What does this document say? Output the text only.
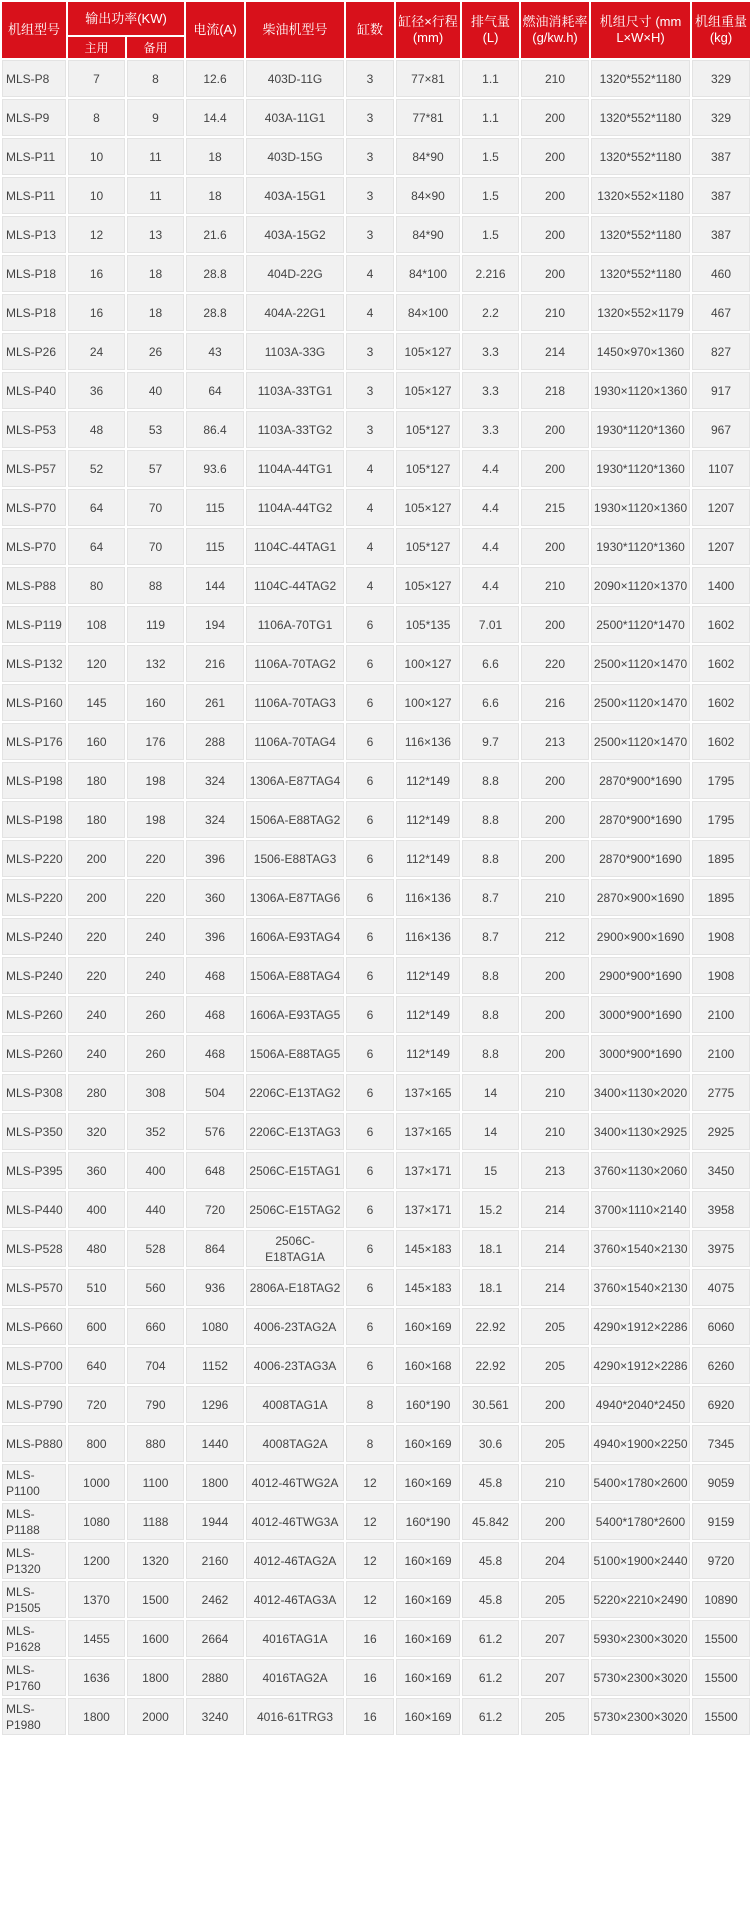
机组型号	输出功率(KW)		电流(A)	柴油机型号	缸数	缸径×行程 (mm)	排气量 (L)	燃油消耗率 (g/kw.h)	机组尺寸 (mm L×W×H)	机组重量 (kg)
	主用	备用								
MLS-P8	7	8	12.6	403D-11G	3	77×81	1.1	210	1320*552*1180	329
MLS-P9	8	9	14.4	403A-11G1	3	77*81	1.1	200	1320*552*1180	329
MLS-P11	10	11	18	403D-15G	3	84*90	1.5	200	1320*552*1180	387
MLS-P11	10	11	18	403A-15G1	3	84×90	1.5	200	1320×552×1180	387
MLS-P13	12	13	21.6	403A-15G2	3	84*90	1.5	200	1320*552*1180	387
MLS-P18	16	18	28.8	404D-22G	4	84*100	2.216	200	1320*552*1180	460
MLS-P18	16	18	28.8	404A-22G1	4	84×100	2.2	210	1320×552×1179	467
MLS-P26	24	26	43	1103A-33G	3	105×127	3.3	214	1450×970×1360	827
MLS-P40	36	40	64	1103A-33TG1	3	105×127	3.3	218	1930×1120×1360	917
MLS-P53	48	53	86.4	1103A-33TG2	3	105*127	3.3	200	1930*1120*1360	967
MLS-P57	52	57	93.6	1104A-44TG1	4	105*127	4.4	200	1930*1120*1360	1107
MLS-P70	64	70	115	1104A-44TG2	4	105×127	4.4	215	1930×1120×1360	1207
MLS-P70	64	70	115	1104C-44TAG1	4	105*127	4.4	200	1930*1120*1360	1207
MLS-P88	80	88	144	1104C-44TAG2	4	105×127	4.4	210	2090×1120×1370	1400
MLS-P119	108	119	194	1106A-70TG1	6	105*135	7.01	200	2500*1120*1470	1602
MLS-P132	120	132	216	1106A-70TAG2	6	100×127	6.6	220	2500×1120×1470	1602
MLS-P160	145	160	261	1106A-70TAG3	6	100×127	6.6	216	2500×1120×1470	1602
MLS-P176	160	176	288	1106A-70TAG4	6	116×136	9.7	213	2500×1120×1470	1602
MLS-P198	180	198	324	1306A-E87TAG4	6	112*149	8.8	200	2870*900*1690	1795
MLS-P198	180	198	324	1506A-E88TAG2	6	112*149	8.8	200	2870*900*1690	1795
MLS-P220	200	220	396	1506-E88TAG3	6	112*149	8.8	200	2870*900*1690	1895
MLS-P220	200	220	360	1306A-E87TAG6	6	116×136	8.7	210	2870×900×1690	1895
MLS-P240	220	240	396	1606A-E93TAG4	6	116×136	8.7	212	2900×900×1690	1908
MLS-P240	220	240	468	1506A-E88TAG4	6	112*149	8.8	200	2900*900*1690	1908
MLS-P260	240	260	468	1606A-E93TAG5	6	112*149	8.8	200	3000*900*1690	2100
MLS-P260	240	260	468	1506A-E88TAG5	6	112*149	8.8	200	3000*900*1690	2100
MLS-P308	280	308	504	2206C-E13TAG2	6	137×165	14	210	3400×1130×2020	2775
MLS-P350	320	352	576	2206C-E13TAG3	6	137×165	14	210	3400×1130×2925	2925
MLS-P395	360	400	648	2506C-E15TAG1	6	137×171	15	213	3760×1130×2060	3450
MLS-P440	400	440	720	2506C-E15TAG2	6	137×171	15.2	214	3700×1110×2140	3958
MLS-P528	480	528	864	2506C-E18TAG1A	6	145×183	18.1	214	3760×1540×2130	3975
MLS-P570	510	560	936	2806A-E18TAG2	6	145×183	18.1	214	3760×1540×2130	4075
MLS-P660	600	660	1080	4006-23TAG2A	6	160×169	22.92	205	4290×1912×2286	6060
MLS-P700	640	704	1152	4006-23TAG3A	6	160×168	22.92	205	4290×1912×2286	6260
MLS-P790	720	790	1296	4008TAG1A	8	160*190	30.561	200	4940*2040*2450	6920
MLS-P880	800	880	1440	4008TAG2A	8	160×169	30.6	205	4940×1900×2250	7345
MLS-P1100	1000	1100	1800	4012-46TWG2A	12	160×169	45.8	210	5400×1780×2600	9059
MLS-P1188	1080	1188	1944	4012-46TWG3A	12	160*190	45.842	200	5400*1780*2600	9159
MLS-P1320	1200	1320	2160	4012-46TAG2A	12	160×169	45.8	204	5100×1900×2440	9720
MLS-P1505	1370	1500	2462	4012-46TAG3A	12	160×169	45.8	205	5220×2210×2490	10890
MLS-P1628	1455	1600	2664	4016TAG1A	16	160×169	61.2	207	5930×2300×3020	15500
MLS-P1760	1636	1800	2880	4016TAG2A	16	160×169	61.2	207	5730×2300×3020	15500
MLS-P1980	1800	2000	3240	4016-61TRG3	16	160×169	61.2	205	5730×2300×3020	15500
